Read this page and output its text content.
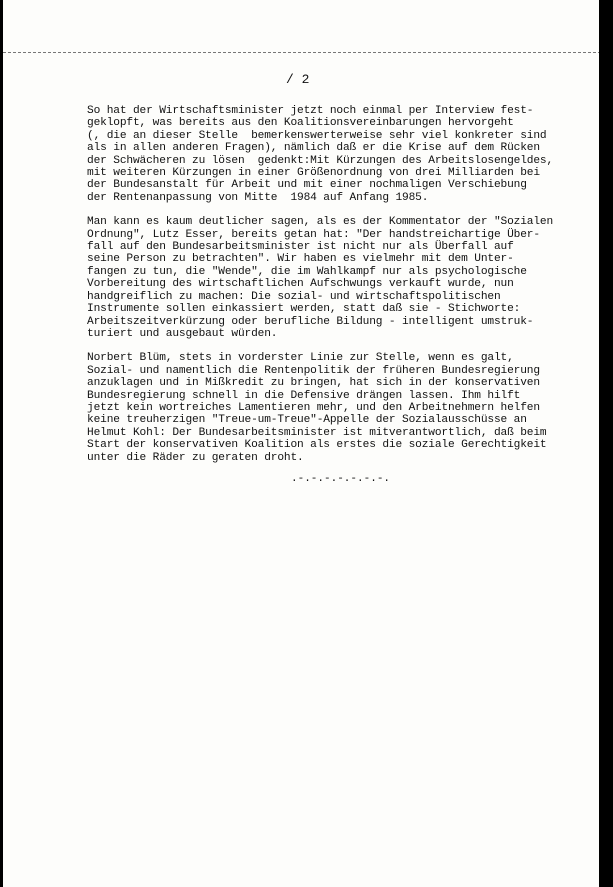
/ 2
So hat der Wirtschaftsminister jetzt noch einmal per Interview fest-
geklopft, was bereits aus den Koalitionsvereinbarungen hervorgeht
(, die an dieser Stelle  bemerkenswerterweise sehr viel konkreter sind
als in allen anderen Fragen), nämlich daß er die Krise auf dem Rücken
der Schwächeren zu lösen  gedenkt:Mit Kürzungen des Arbeitslosengeldes,
mit weiteren Kürzungen in einer Größenordnung von drei Milliarden bei
der Bundesanstalt für Arbeit und mit einer nochmaligen Verschiebung
der Rentenanpassung von Mitte  1984 auf Anfang 1985.
Man kann es kaum deutlicher sagen, als es der Kommentator der "Sozialen
Ordnung", Lutz Esser, bereits getan hat: "Der handstreichartige Über-
fall auf den Bundesarbeitsminister ist nicht nur als Überfall auf
seine Person zu betrachten". Wir haben es vielmehr mit dem Unter-
fangen zu tun, die "Wende", die im Wahlkampf nur als psychologische
Vorbereitung des wirtschaftlichen Aufschwungs verkauft wurde, nun
handgreiflich zu machen: Die sozial- und wirtschaftspolitischen
Instrumente sollen einkassiert werden, statt daß sie - Stichworte:
Arbeitszeitverkürzung oder berufliche Bildung - intelligent umstruk-
turiert und ausgebaut würden.
Norbert Blüm, stets in vorderster Linie zur Stelle, wenn es galt,
Sozial- und namentlich die Rentenpolitik der früheren Bundesregierung
anzuklagen und in Mißkredit zu bringen, hat sich in der konservativen
Bundesregierung schnell in die Defensive drängen lassen. Ihm hilft
jetzt kein wortreiches Lamentieren mehr, und den Arbeitnehmern helfen
keine treuherzigen "Treue-um-Treue"-Appelle der Sozialausschüsse an
Helmut Kohl: Der Bundesarbeitsminister ist mitverantwortlich, daß beim
Start der konservativen Koalition als erstes die soziale Gerechtigkeit
unter die Räder zu geraten droht.
.-.-.-.-.-.-.-.
